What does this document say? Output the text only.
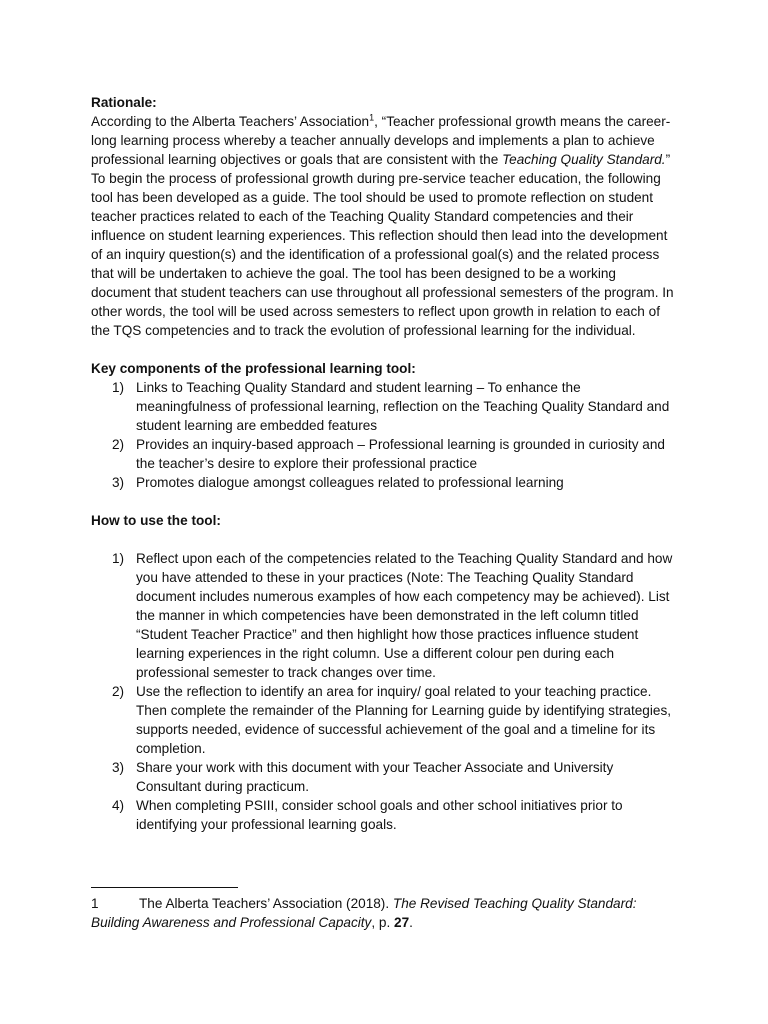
Rationale:

According to the Alberta Teachers’ Association$^1$, “Teacher professional growth means the career-long learning process whereby a teacher annually develops and implements a plan to achieve professional learning objectives or goals that are consistent with the Teaching Quality Standard.” To begin the process of professional growth during pre-service teacher education, the following tool has been developed as a guide. The tool should be used to promote reflection on student teacher practices related to each of the Teaching Quality Standard competencies and their influence on student learning experiences. This reflection should then lead into the development of an inquiry question(s) and the identification of a professional goal(s) and the related process that will be undertaken to achieve the goal. The tool has been designed to be a working document that student teachers can use throughout all professional semesters of the program. In other words, the tool will be used across semesters to reflect upon growth in relation to each of the TQS competencies and to track the evolution of professional learning for the individual.

Key components of the professional learning tool:

1) Links to Teaching Quality Standard and student learning – To enhance the meaningfulness of professional learning, reflection on the Teaching Quality Standard and student learning are embedded features
2) Provides an inquiry-based approach – Professional learning is grounded in curiosity and the teacher’s desire to explore their professional practice
3) Promotes dialogue amongst colleagues related to professional learning

How to use the tool:

1) Reflect upon each of the competencies related to the Teaching Quality Standard and how you have attended to these in your practices (Note: The Teaching Quality Standard document includes numerous examples of how each competency may be achieved). List the manner in which competencies have been demonstrated in the left column titled “Student Teacher Practice” and then highlight how those practices influence student learning experiences in the right column. Use a different colour pen during each professional semester to track changes over time.
2) Use the reflection to identify an area for inquiry/ goal related to your teaching practice. Then complete the remainder of the Planning for Learning guide by identifying strategies, supports needed, evidence of successful achievement of the goal and a timeline for its completion.
3) Share your work with this document with your Teacher Associate and University Consultant during practicum.
4) When completing PSIII, consider school goals and other school initiatives prior to identifying your professional learning goals.

1	The Alberta Teachers’ Association (2018). The Revised Teaching Quality Standard: Building Awareness and Professional Capacity, p. 27.
